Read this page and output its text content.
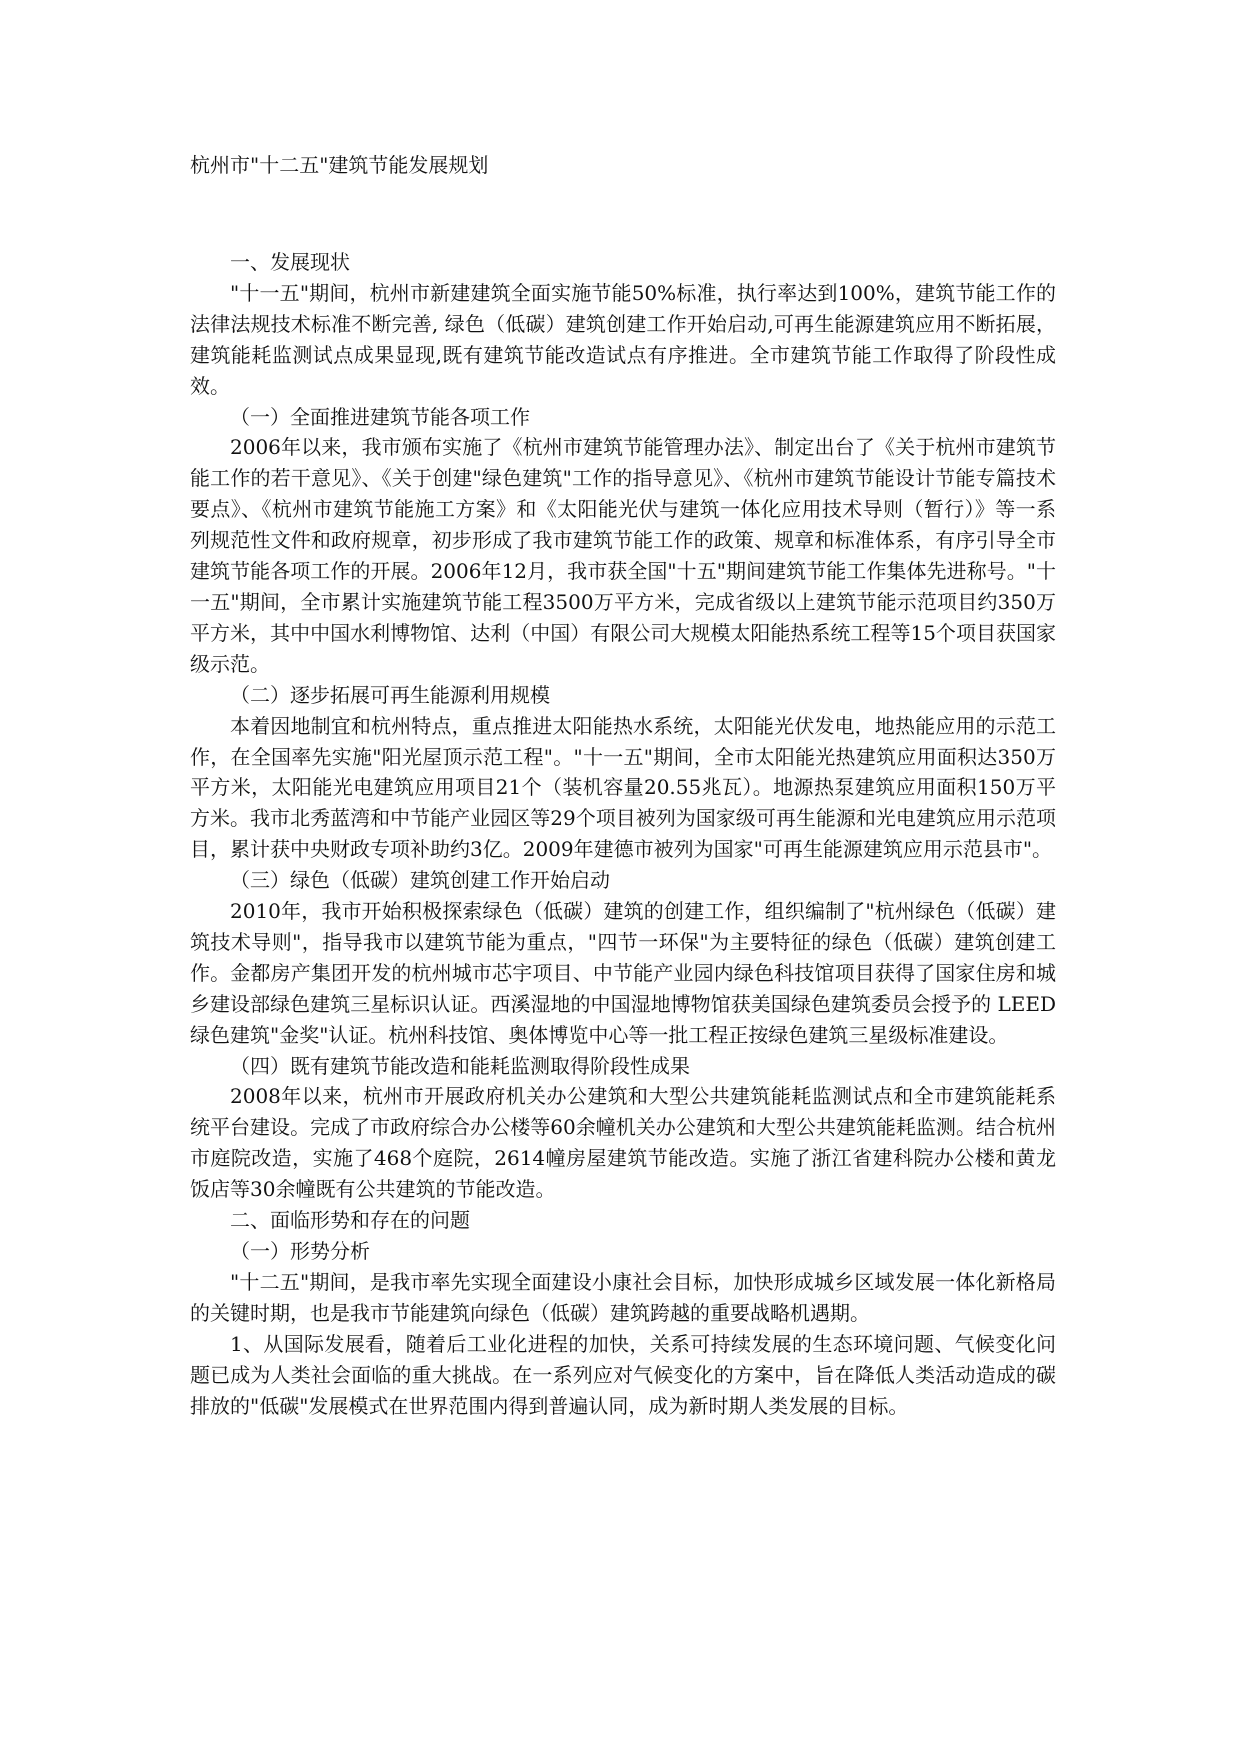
杭州市"十二五"建筑节能发展规划

一、发展现状

"十一五"期间，杭州市新建建筑全面实施节能50%标准，执行率达到100%，建筑节能工作的法律法规技术标准不断完善, 绿色（低碳）建筑创建工作开始启动,可再生能源建筑应用不断拓展，建筑能耗监测试点成果显现,既有建筑节能改造试点有序推进。全市建筑节能工作取得了阶段性成效。

（一）全面推进建筑节能各项工作

2006年以来，我市颁布实施了《杭州市建筑节能管理办法》、制定出台了《关于杭州市建筑节能工作的若干意见》、《关于创建"绿色建筑"工作的指导意见》、《杭州市建筑节能设计节能专篇技术要点》、《杭州市建筑节能施工方案》和《太阳能光伏与建筑一体化应用技术导则（暂行）》等一系列规范性文件和政府规章，初步形成了我市建筑节能工作的政策、规章和标准体系，有序引导全市建筑节能各项工作的开展。2006年12月，我市获全国"十五"期间建筑节能工作集体先进称号。"十一五"期间，全市累计实施建筑节能工程3500万平方米，完成省级以上建筑节能示范项目约350万平方米，其中中国水利博物馆、达利（中国）有限公司大规模太阳能热系统工程等15个项目获国家级示范。

（二）逐步拓展可再生能源利用规模

本着因地制宜和杭州特点，重点推进太阳能热水系统，太阳能光伏发电，地热能应用的示范工作，在全国率先实施"阳光屋顶示范工程"。"十一五"期间，全市太阳能光热建筑应用面积达350万平方米，太阳能光电建筑应用项目21个（装机容量20.55兆瓦）。地源热泵建筑应用面积150万平方米。我市北秀蓝湾和中节能产业园区等29个项目被列为国家级可再生能源和光电建筑应用示范项目，累计获中央财政专项补助约3亿。2009年建德市被列为国家"可再生能源建筑应用示范县市"。

（三）绿色（低碳）建筑创建工作开始启动

2010年，我市开始积极探索绿色（低碳）建筑的创建工作，组织编制了"杭州绿色（低碳）建筑技术导则"，指导我市以建筑节能为重点，"四节一环保"为主要特征的绿色（低碳）建筑创建工作。金都房产集团开发的杭州城市芯宇项目、中节能产业园内绿色科技馆项目获得了国家住房和城乡建设部绿色建筑三星标识认证。西溪湿地的中国湿地博物馆获美国绿色建筑委员会授予的 LEED 绿色建筑"金奖"认证。杭州科技馆、奥体博览中心等一批工程正按绿色建筑三星级标准建设。

（四）既有建筑节能改造和能耗监测取得阶段性成果

2008年以来，杭州市开展政府机关办公建筑和大型公共建筑能耗监测试点和全市建筑能耗系统平台建设。完成了市政府综合办公楼等60余幢机关办公建筑和大型公共建筑能耗监测。结合杭州市庭院改造，实施了468个庭院，2614幢房屋建筑节能改造。实施了浙江省建科院办公楼和黄龙饭店等30余幢既有公共建筑的节能改造。

二、面临形势和存在的问题

（一）形势分析

"十二五"期间，是我市率先实现全面建设小康社会目标，加快形成城乡区域发展一体化新格局的关键时期，也是我市节能建筑向绿色（低碳）建筑跨越的重要战略机遇期。

1、从国际发展看，随着后工业化进程的加快，关系可持续发展的生态环境问题、气候变化问题已成为人类社会面临的重大挑战。在一系列应对气候变化的方案中，旨在降低人类活动造成的碳排放的"低碳"发展模式在世界范围内得到普遍认同，成为新时期人类发展的目标。
